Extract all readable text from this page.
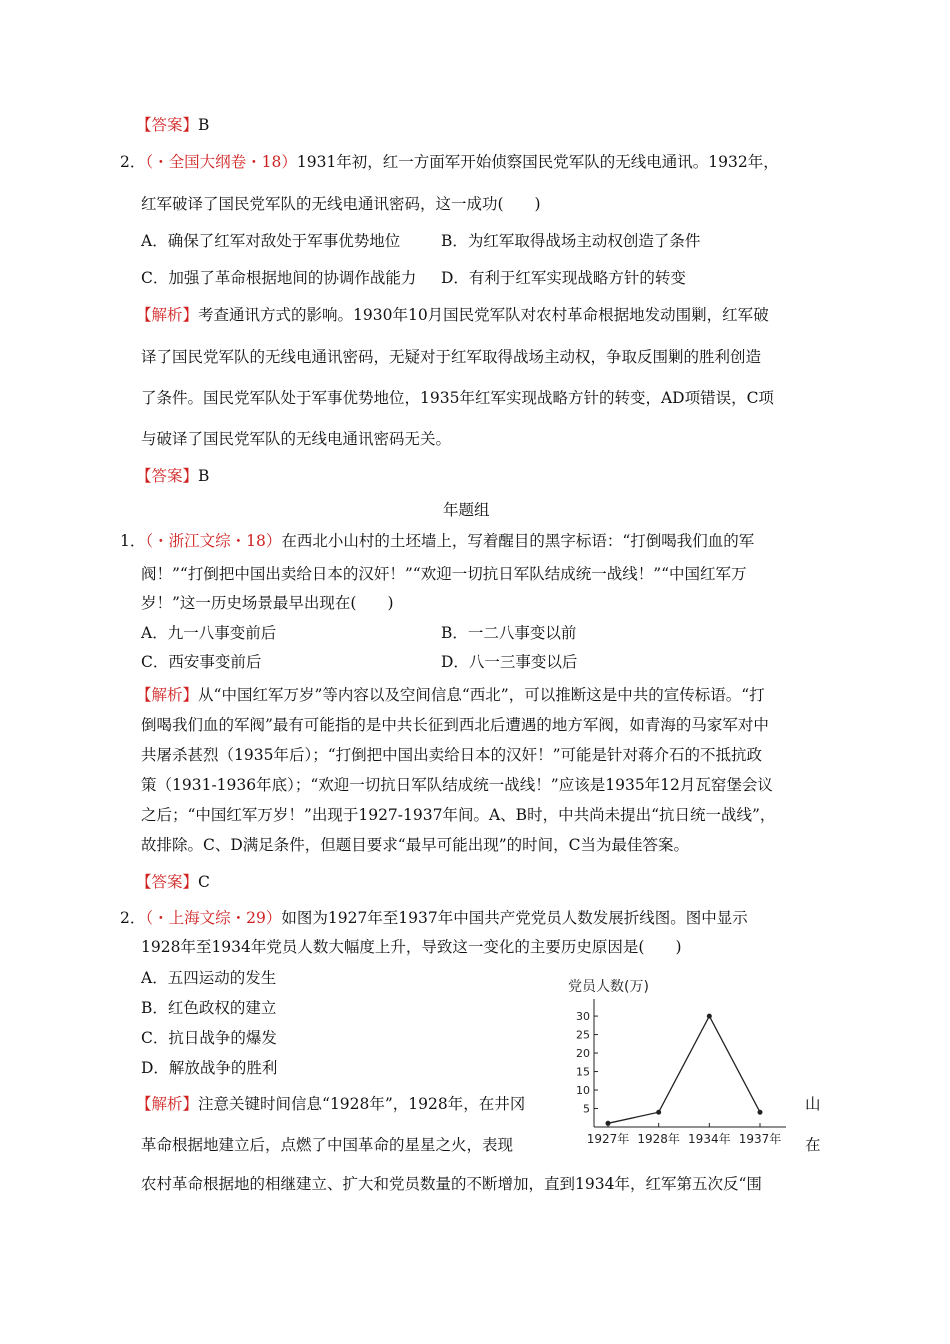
【答案】B
2．（・全国大纲卷・18）1931年初，红一方面军开始侦察国民党军队的无线电通讯。1932年，
红军破译了国民党军队的无线电通讯密码，这一成功(　　)
A．确保了红军对敌处于军事优势地位	B．为红军取得战场主动权创造了条件
C．加强了革命根据地间的协调作战能力 D．有利于红军实现战略方针的转变
【解析】考查通讯方式的影响。1930年10月国民党军队对农村革命根据地发动围剿，红军破
译了国民党军队的无线电通讯密码，无疑对于红军取得战场主动权，争取反围剿的胜利创造
了条件。国民党军队处于军事优势地位，1935年红军实现战略方针的转变，AD项错误，C项
与破译了国民党军队的无线电通讯密码无关。
【答案】B
年题组
1．（・浙江文综・18）在西北小山村的土坯墙上，写着醒目的黑字标语：“打倒喝我们血的军
阀！”“打倒把中国出卖给日本的汉奸！”“欢迎一切抗日军队结成统一战线！”“中国红军万
岁！”这一历史场景最早出现在(　　)
A．九一八事变前后	B．一二八事变以前
C．西安事变前后	D．八一三事变以后
【解析】从“中国红军万岁”等内容以及空间信息“西北”，可以推断这是中共的宣传标语。“打
倒喝我们血的军阀”最有可能指的是中共长征到西北后遭遇的地方军阀，如青海的马家军对中
共屠杀甚烈（1935年后）；“打倒把中国出卖给日本的汉奸！”可能是针对蒋介石的不抵抗政
策（1931-1936年底）；“欢迎一切抗日军队结成统一战线！”应该是1935年12月瓦窑堡会议
之后；“中国红军万岁！”出现于1927-1937年间。A、B时，中共尚未提出“抗日统一战线”，
故排除。C、D满足条件，但题目要求“最早可能出现”的时间，C当为最佳答案。
【答案】C
2．（・上海文综・29）如图为1927年至1937年中国共产党党员人数发展折线图。图中显示
1928年至1934年党员人数大幅度上升，导致这一变化的主要历史原因是(　　)
A．五四运动的发生
B．红色政权的建立
C．抗日战争的爆发
D．解放战争的胜利
【解析】注意关键时间信息“1928年”，1928年，在井冈	山
革命根据地建立后，点燃了中国革命的星星之火，表现	在
农村革命根据地的相继建立、扩大和党员数量的不断增加，直到1934年，红军第五次反“围
党员人数(万)
5
10
15
20
25
30
1927年 1928年 1934年 1937年
